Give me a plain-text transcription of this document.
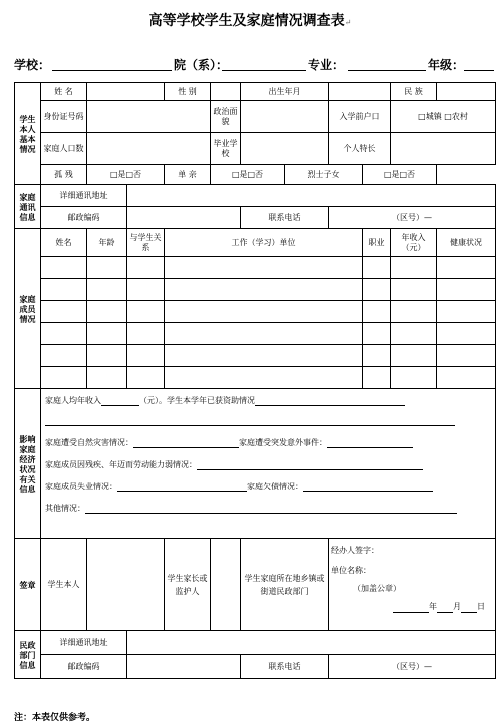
高等学校学生及家庭情况调查表↵
学校：	院（系）：	专业：	年级：
学生本人基本情况	姓 名			性 别		出生年月				民 族	
	身份证号码				政治面貌			入学前户口		□城镇 □农村	
	家庭人口数				毕业学校			个人特长			
	孤 残	□是□否		单 亲	□是□否		烈士子女		□是□否		
家庭通讯信息	详细通讯地址										
	邮政编码					联系电话		（区号）—			
家庭成员情况	姓名	年龄	与学生关系	工作（学习）单位					职业	年收入（元）	健康状况

影响家庭经济状况有关信息	家庭人均年收入 （元）。学生本学年已获资助情况
家庭遭受自然灾害情况： 家庭遭受突发意外事件：
家庭成员因残疾、年迈而劳动能力弱情况：
家庭成员失业情况： 家庭欠债情况：
其他情况：										

签章	学生本人			学生家长或监护人		学生家庭所在地乡镇或街道民政部门		经办人签字：
单位名称：
（加盖公章）
年 月 日			

民政部门信息	详细通讯地址										
	邮政编码					联系电话		（区号）—			
注：本表仅供参考。
